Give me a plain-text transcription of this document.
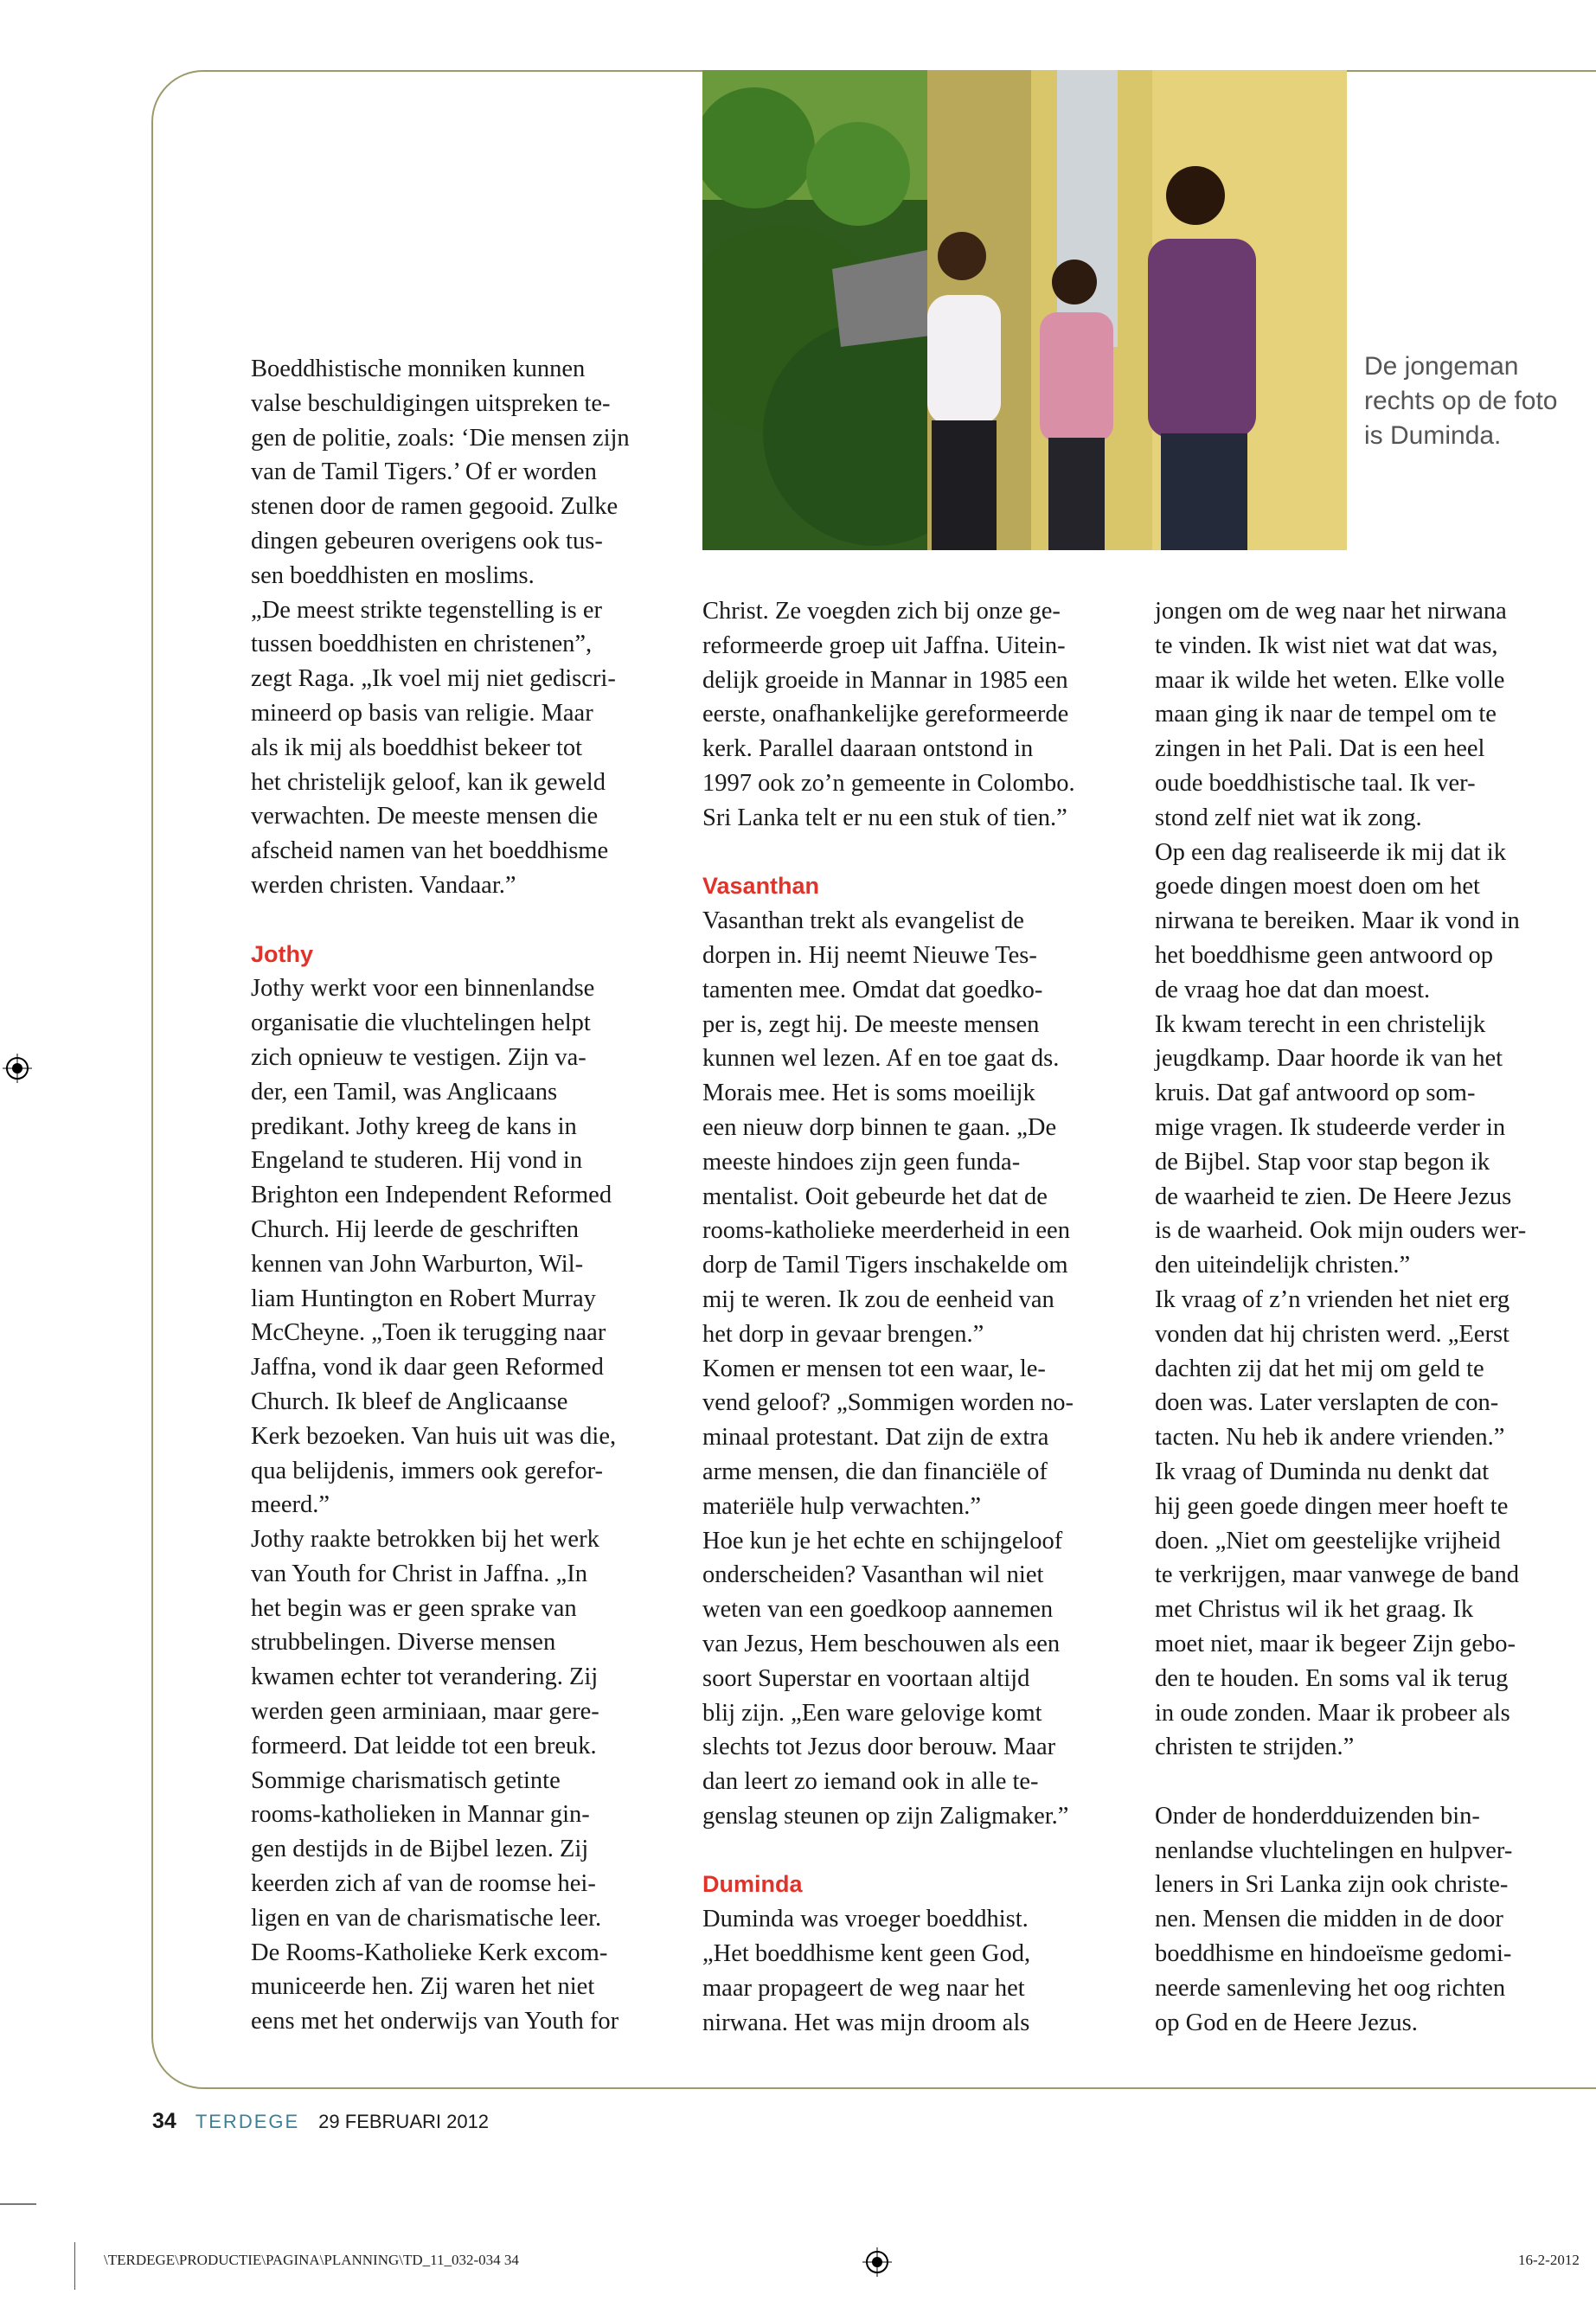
De jongeman
rechts op de foto
is Duminda.
Boeddhistische monniken kunnen
valse beschuldigingen uitspreken te-
gen de politie, zoals: ‘Die mensen zijn
van de Tamil Tigers.’ Of er worden
stenen door de ramen gegooid. Zulke
dingen gebeuren overigens ook tus-
sen boeddhisten en moslims.
„De meest strikte tegenstelling is er
tussen boeddhisten en christenen”,
zegt Raga. „Ik voel mij niet gediscri-
mineerd op basis van religie. Maar
als ik mij als boeddhist bekeer tot
het christelijk geloof, kan ik geweld
verwachten. De meeste mensen die
afscheid namen van het boeddhisme
werden christen. Vandaar.”
Jothy
Jothy werkt voor een binnenlandse
organisatie die vluchtelingen helpt
zich opnieuw te vestigen. Zijn va-
der, een Tamil, was Anglicaans
predikant. Jothy kreeg de kans in
Engeland te studeren. Hij vond in
Brighton een Independent Reformed
Church. Hij leerde de geschriften
kennen van John Warburton, Wil-
liam Huntington en Robert Murray
McCheyne. „Toen ik terugging naar
Jaffna, vond ik daar geen Reformed
Church. Ik bleef de Anglicaanse
Kerk bezoeken. Van huis uit was die,
qua belijdenis, immers ook gerefor-
meerd.”
Jothy raakte betrokken bij het werk
van Youth for Christ in Jaffna. „In
het begin was er geen sprake van
strubbelingen. Diverse mensen
kwamen echter tot verandering. Zij
werden geen arminiaan, maar gere-
formeerd. Dat leidde tot een breuk.
Sommige charismatisch getinte
rooms-katholieken in Mannar gin-
gen destijds in de Bijbel lezen. Zij
keerden zich af van de roomse hei-
ligen en van de charismatische leer.
De Rooms-Katholieke Kerk excom-
municeerde hen. Zij waren het niet
eens met het onderwijs van Youth for
Christ. Ze voegden zich bij onze ge-
reformeerde groep uit Jaffna. Uitein-
delijk groeide in Mannar in 1985 een
eerste, onafhankelijke gereformeerde
kerk. Parallel daaraan ontstond in
1997 ook zo’n gemeente in Colombo.
Sri Lanka telt er nu een stuk of tien.”
Vasanthan
Vasanthan trekt als evangelist de
dorpen in. Hij neemt Nieuwe Tes-
tamenten mee. Omdat dat goedko-
per is, zegt hij. De meeste mensen
kunnen wel lezen. Af en toe gaat ds.
Morais mee. Het is soms moeilijk
een nieuw dorp binnen te gaan. „De
meeste hindoes zijn geen funda-
mentalist. Ooit gebeurde het dat de
rooms-katholieke meerderheid in een
dorp de Tamil Tigers inschakelde om
mij te weren. Ik zou de eenheid van
het dorp in gevaar brengen.”
Komen er mensen tot een waar, le-
vend geloof? „Sommigen worden no-
minaal protestant. Dat zijn de extra
arme mensen, die dan financiële of
materiële hulp verwachten.”
Hoe kun je het echte en schijngeloof
onderscheiden? Vasanthan wil niet
weten van een goedkoop aannemen
van Jezus, Hem beschouwen als een
soort Superstar en voortaan altijd
blij zijn. „Een ware gelovige komt
slechts tot Jezus door berouw. Maar
dan leert zo iemand ook in alle te-
genslag steunen op zijn Zaligmaker.”
Duminda
Duminda was vroeger boeddhist.
„Het boeddhisme kent geen God,
maar propageert de weg naar het
nirwana. Het was mijn droom als
jongen om de weg naar het nirwana
te vinden. Ik wist niet wat dat was,
maar ik wilde het weten. Elke volle
maan ging ik naar de tempel om te
zingen in het Pali. Dat is een heel
oude boeddhistische taal. Ik ver-
stond zelf niet wat ik zong.
Op een dag realiseerde ik mij dat ik
goede dingen moest doen om het
nirwana te bereiken. Maar ik vond in
het boeddhisme geen antwoord op
de vraag hoe dat dan moest.
Ik kwam terecht in een christelijk
jeugdkamp. Daar hoorde ik van het
kruis. Dat gaf antwoord op som-
mige vragen. Ik studeerde verder in
de Bijbel. Stap voor stap begon ik
de waarheid te zien. De Heere Jezus
is de waarheid. Ook mijn ouders wer-
den uiteindelijk christen.”
Ik vraag of z’n vrienden het niet erg
vonden dat hij christen werd. „Eerst
dachten zij dat het mij om geld te
doen was. Later verslapten de con-
tacten. Nu heb ik andere vrienden.”
Ik vraag of Duminda nu denkt dat
hij geen goede dingen meer hoeft te
doen. „Niet om geestelijke vrijheid
te verkrijgen, maar vanwege de band
met Christus wil ik het graag. Ik
moet niet, maar ik begeer Zijn gebo-
den te houden. En soms val ik terug
in oude zonden. Maar ik probeer als
christen te strijden.”
Onder de honderdduizenden bin-
nenlandse vluchtelingen en hulpver-
leners in Sri Lanka zijn ook christe-
nen. Mensen die midden in de door
boeddhisme en hindoeïsme gedomi-
neerde samenleving het oog richten
op God en de Heere Jezus.
34 TERDEGE 29 FEBRUARI 2012
\TERDEGE\PRODUCTIE\PAGINA\PLANNING\TD_11_032-034 34	16-2-2012
